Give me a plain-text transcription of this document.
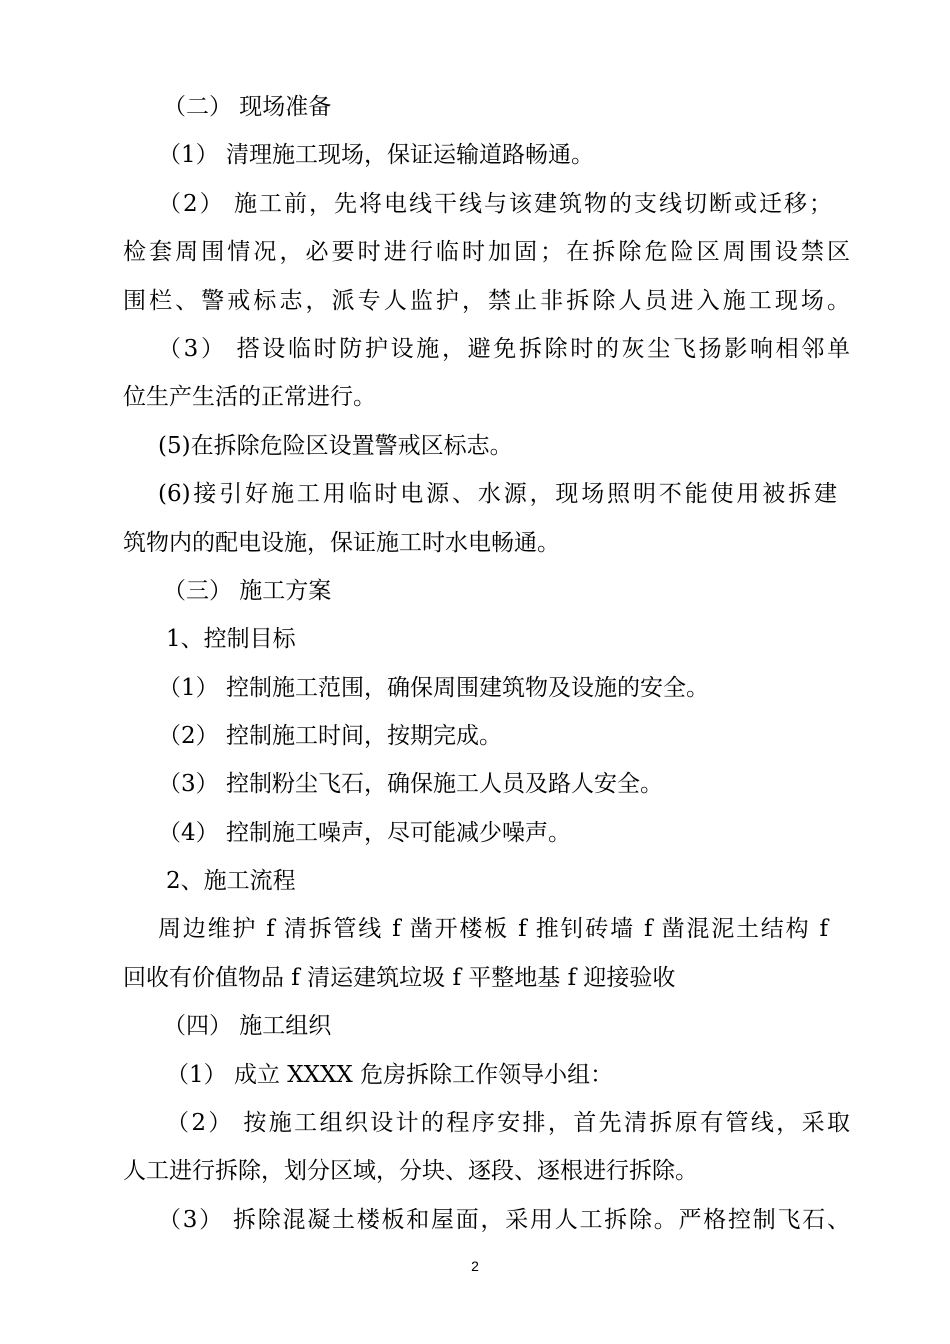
（二） 现场准备
（1） 清理施工现场，保证运输道路畅通。
（2） 施工前，先将电线干线与该建筑物的支线切断或迁移；
检套周围情况，必要时进行临时加固；在拆除危险区周围设禁区
围栏、警戒标志，派专人监护，禁止非拆除人员进入施工现场。
（3） 搭设临时防护设施，避免拆除时的灰尘飞扬影响相邻单
位生产生活的正常进行。
(5)在拆除危险区设置警戒区标志。
(6)接引好施工用临时电源、水源，现场照明不能使用被拆建
筑物内的配电设施，保证施工时水电畅通。
（三） 施工方案
1、控制目标
（1） 控制施工范围，确保周围建筑物及设施的安全。
（2） 控制施工时间，按期完成。
（3） 控制粉尘飞石，确保施工人员及路人安全。
（4） 控制施工噪声，尽可能减少噪声。
2、施工流程
周边维护 f 清拆管线 f 凿开楼板 f 推钊砖墙 f 凿混泥土结构 f
回收有价值物品 f 清运建筑垃圾 f 平整地基 f 迎接验收
（四） 施工组织
（1） 成立 XXXX 危房拆除工作领导小组：
（2） 按施工组织设计的程序安排，首先清拆原有管线，采取
人工进行拆除，划分区域，分块、逐段、逐根进行拆除。
（3） 拆除混凝土楼板和屋面，采用人工拆除。严格控制飞石、
2
